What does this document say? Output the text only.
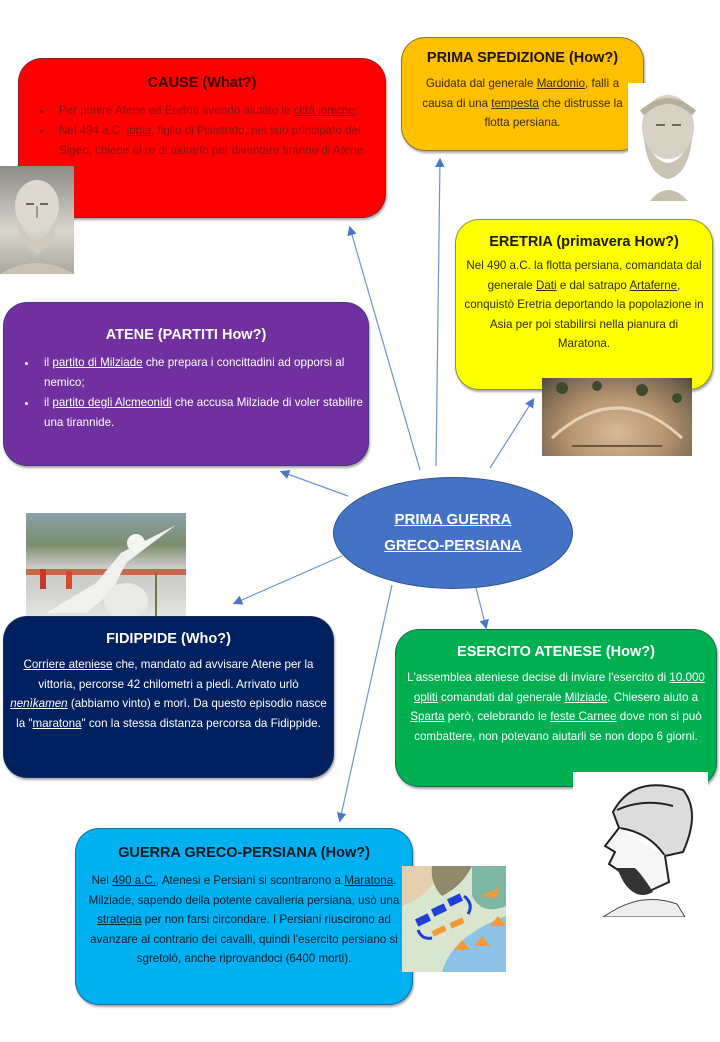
CAUSE (What?)
• Per punire Atene ed Eretria avendo aiutato le città ioniche;
• Nel 494 a.C. ippia, figlio di Pisistrato, nel suo principato del Sigeo, chiede al re di aiutarlo per diventare tiranno di Atene.
PRIMA SPEDIZIONE (How?)

Guidata dal generale Mardonio, fallì a causa di una tempesta che distrusse la flotta persiana.

ERETRIA (primavera How?)

Nel 490 a.C. la flotta persiana, comandata dal generale Dati e dal satrapo Artaferne, conquistò Eretria deportando la popolazione in Asia per poi stabilirsi nella pianura di Maratona.

ATENE (PARTITI How?)
• il partito di Milziade che prepara i concittadini ad opporsi al nemico;
• il partito degli Alcmeonidi che accusa Milziade di voler stabilire una tirannide.
PRIMA GUERRA
GRECO-PERSIANA
FIDIPPIDE (Who?)

Corriere ateniese che, mandato ad avvisare Atene per la vittoria, percorse 42 chilometri a piedi. Arrivato urlò nenìkamen (abbiamo vinto) e morì. Da questo episodio nasce la "maratona" con la stessa distanza percorsa da Fidippide.

ESERCITO ATENESE (How?)

L'assemblea ateniese decise di inviare l'esercito di 10.000 opliti comandati dal generale Milziade. Chiesero aiuto a Sparta però, celebrando le feste Carnee dove non si può combattere, non potevano aiutarli se non dopo 6 giorni.

GUERRA GRECO-PERSIANA (How?)

Nel 490 a.C., Atenesi e Persiani si scontrarono a Maratona. Milziade, sapendo della potente cavalleria persiana, usò una strategia per non farsi circondare. I Persiani riuscirono ad avanzare al contrario dei cavalli, quindi l'esercito persiano si sgretolò, anche riprovandoci (6400 morti).
